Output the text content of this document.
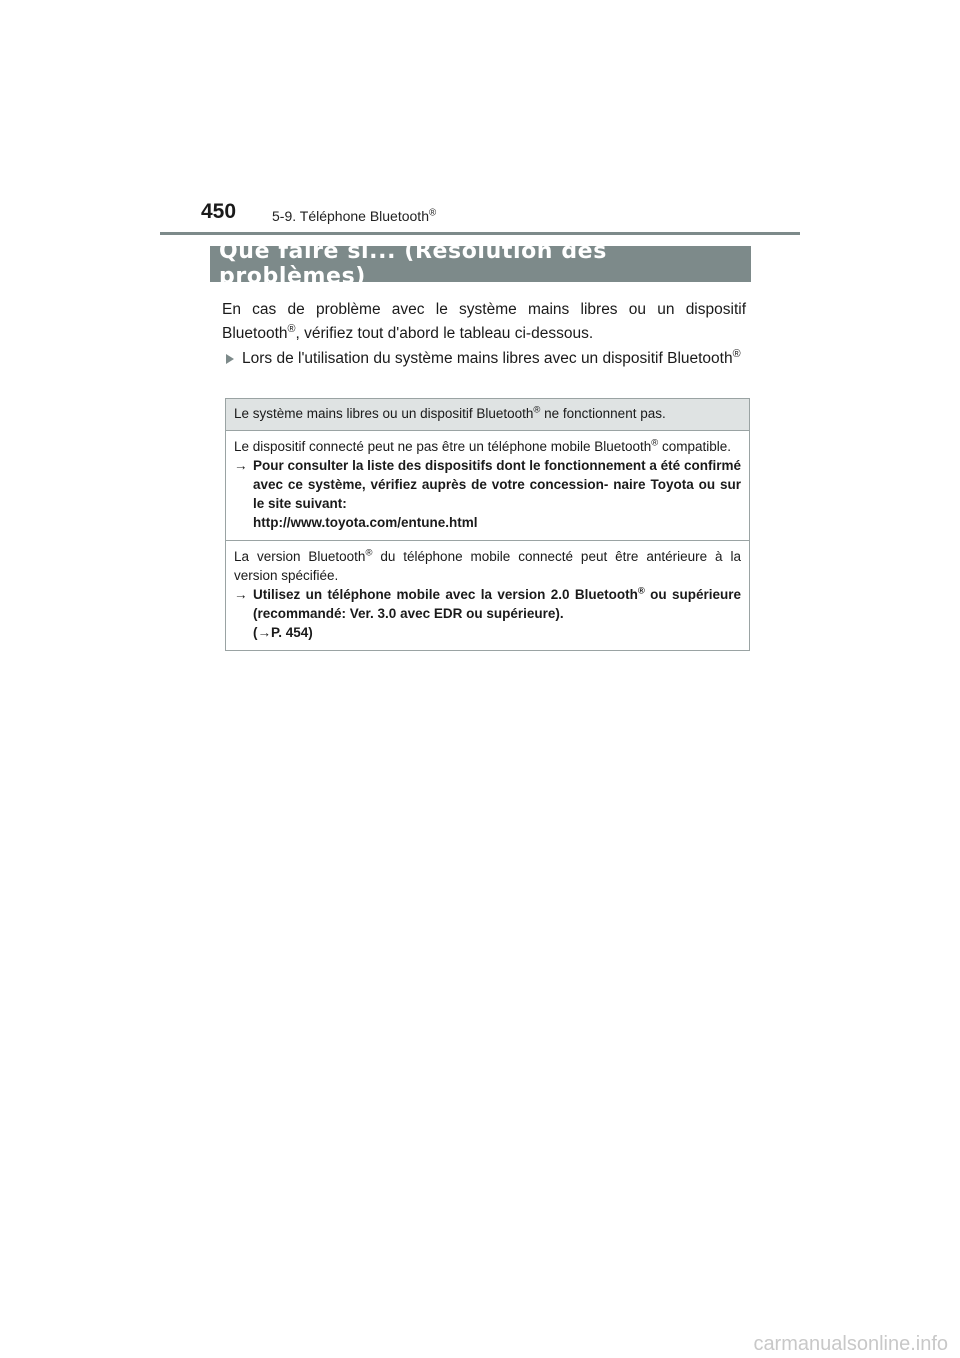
450	5-9. Téléphone Bluetooth®
Que faire si... (Résolution des problèmes)

En cas de problème avec le système mains libres ou un dispositif Bluetooth®, vérifiez tout d'abord le tableau ci-dessous.

Lors de l'utilisation du système mains libres avec un dispositif Bluetooth®
Le système mains libres ou un dispositif Bluetooth® ne fonctionnent pas.
Le dispositif connecté peut ne pas être un téléphone mobile Bluetooth® compatible.
→ Pour consulter la liste des dispositifs dont le fonctionnement a été confirmé avec ce système, vérifiez auprès de votre concession- naire Toyota ou sur le site suivant:
http://www.toyota.com/entune.html
La version Bluetooth® du téléphone mobile connecté peut être antérieure à la version spécifiée.
→ Utilisez un téléphone mobile avec la version 2.0 Bluetooth® ou supérieure (recommandé: Ver. 3.0 avec EDR ou supérieure).
(→P. 454)
carmanualsonline.info
